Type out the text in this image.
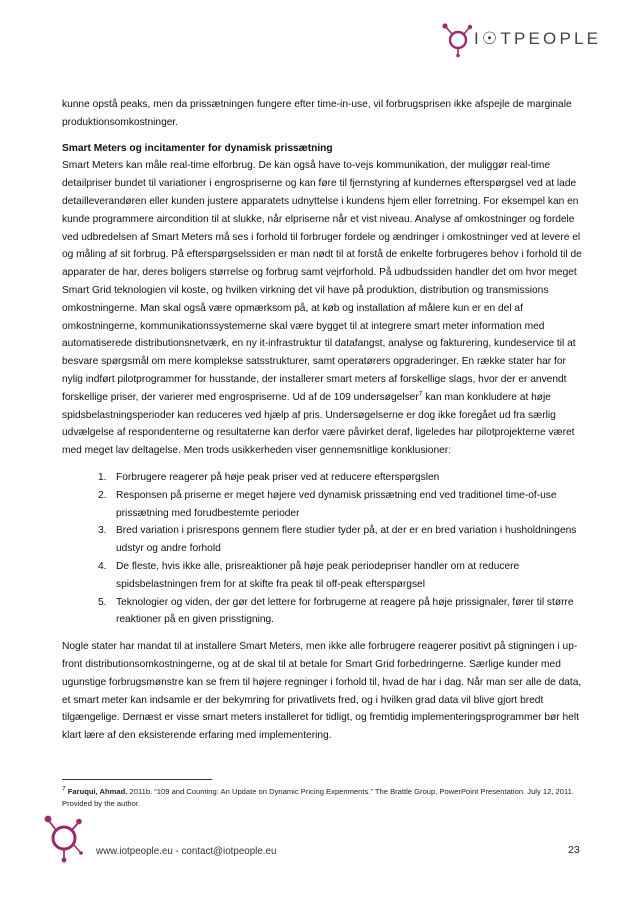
I☉TPEOPLE

kunne opstå peaks, men da prissætningen fungere efter time-in-use, vil forbrugsprisen ikke afspejle de marginale produktionsomkostninger.

Smart Meters og incitamenter for dynamisk prissætning

Smart Meters kan måle real-time elforbrug. De kan også have to-vejs kommunikation, der muliggør real-time detailpriser bundet til variationer i engrospriserne og kan føre til fjernstyring af kundernes efterspørgsel ved at lade detailleverandøren eller kunden justere apparatets udnyttelse i kundens hjem eller forretning. For eksempel kan en kunde programmere aircondition til at slukke, når elpriserne når et vist niveau. Analyse af omkostninger og fordele ved udbredelsen af Smart Meters må ses i forhold til forbruger fordele og ændringer i omkostninger ved at levere el og måling af sit forbrug. På efterspørgselssiden er man nødt til at forstå de enkelte forbrugeres behov i forhold til de apparater de har, deres boligers størrelse og forbrug samt vejrforhold. På udbudssiden handler det om hvor meget Smart Grid teknologien vil koste, og hvilken virkning det vil have på produktion, distribution og transmissions omkostningerne. Man skal også være opmærksom på, at køb og installation af målere kun er en del af omkostningerne, kommunikationssystemerne skal være bygget til at integrere smart meter information med automatiserede distributionsnetværk, en ny it-infrastruktur til datafangst, analyse og fakturering, kundeservice til at besvare spørgsmål om mere komplekse satsstrukturer, samt operatørers opgraderinger. En række stater har for nylig indført pilotprogrammer for husstande, der installerer smart meters af forskellige slags, hvor der er anvendt forskellige priser, der varierer med engrospriserne. Ud af de 109 undersøgelser$^7$ kan man konkludere at høje spidsbelastningsperioder kan reduceres ved hjælp af pris. Undersøgelserne er dog ikke foregået ud fra særlig udvælgelse af respondenterne og resultaterne kan derfor være påvirket deraf, ligeledes har pilotprojekterne været med meget lav deltagelse. Men trods usikkerheden viser gennemsnitlige konklusioner:

1. Forbrugere reagerer på høje peak priser ved at reducere efterspørgslen
2. Responsen på priserne er meget højere ved dynamisk prissætning end ved traditionel time-of-use prissætning med forudbestemte perioder
3. Bred variation i prisrespons gennem flere studier tyder på, at der er en bred variation i husholdningens udstyr og andre forhold
4. De fleste, hvis ikke alle, prisreaktioner på høje peak periodepriser handler om at reducere spidsbelastningen frem for at skifte fra peak til off-peak efterspørgsel
5. Teknologier og viden, der gør det lettere for forbrugerne at reagere på høje prissignaler, fører til større reaktioner på en given prisstigning.

Nogle stater har mandat til at installere Smart Meters, men ikke alle forbrugere reagerer positivt på stigningen i up-front distributionsomkostningerne, og at de skal til at betale for Smart Grid forbedringerne. Særlige kunder med ugunstige forbrugsmønstre kan se frem til højere regninger i forhold til, hvad de har i dag. Når man ser alle de data, et smart meter kan indsamle er der bekymring for privatlivets fred, og i hvilken grad data vil blive gjort bredt tilgængelige. Dernæst er visse smart meters installeret for tidligt, og fremtidig implementeringsprogrammer bør helt klart lære af den eksisterende erfaring med implementering.

$^7$ Faruqui, Ahmad. 2011b. “109 and Counting: An Update on Dynamic Pricing Experiments.” The Brattle Group, PowerPoint Presentation. July 12, 2011. Provided by the author.
www.iotpeople.eu - contact@iotpeople.eu	23
